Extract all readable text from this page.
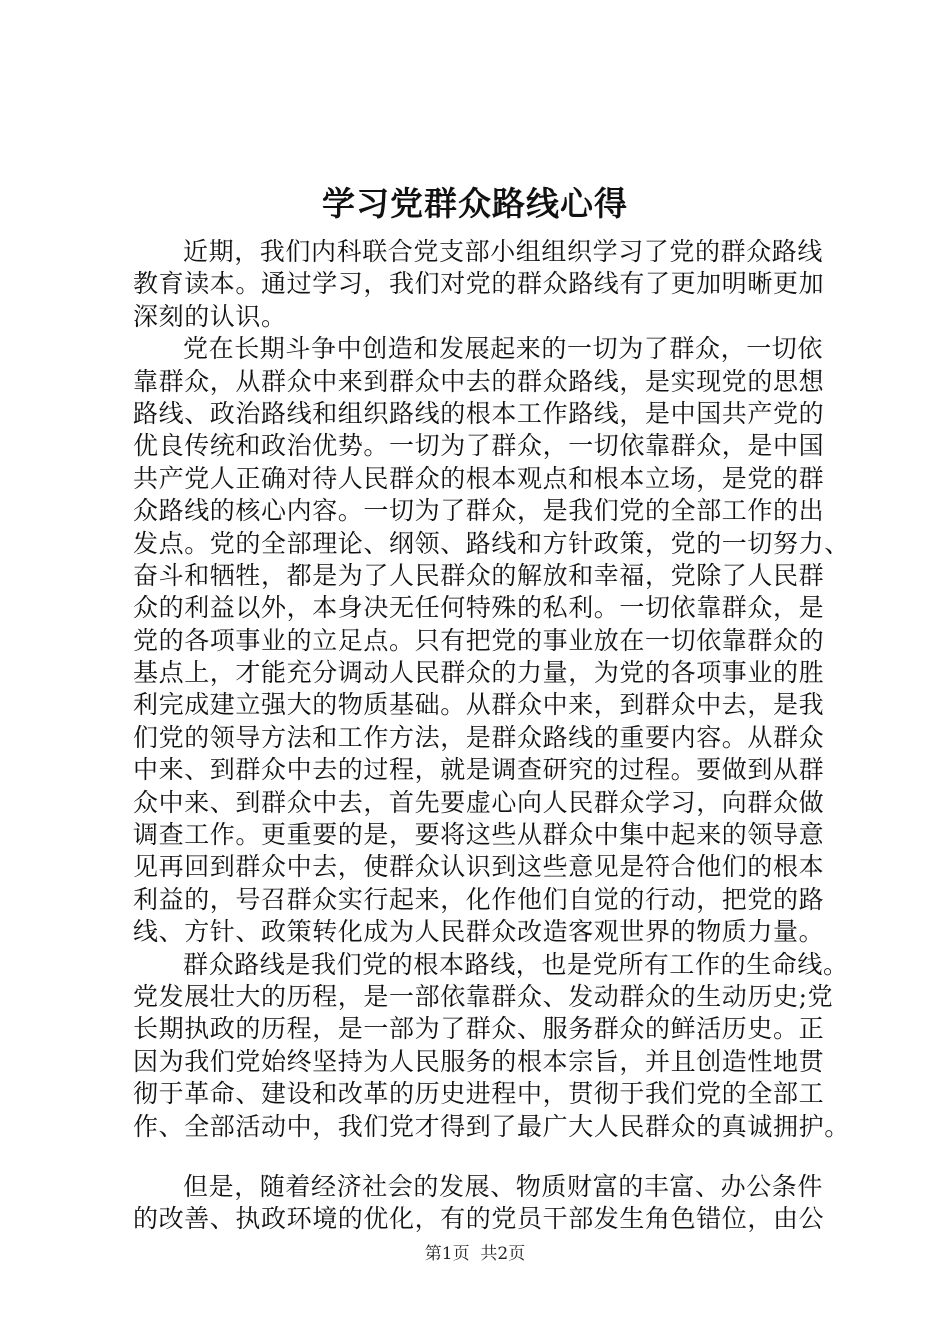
学习党群众路线心得
近期，我们内科联合党支部小组组织学习了党的群众路线
教育读本。通过学习，我们对党的群众路线有了更加明晰更加
深刻的认识。
党在长期斗争中创造和发展起来的一切为了群众，一切依
靠群众，从群众中来到群众中去的群众路线，是实现党的思想
路线、政治路线和组织路线的根本工作路线，是中国共产党的
优良传统和政治优势。一切为了群众，一切依靠群众，是中国
共产党人正确对待人民群众的根本观点和根本立场，是党的群
众路线的核心内容。一切为了群众，是我们党的全部工作的出
发点。党的全部理论、纲领、路线和方针政策，党的一切努力、
奋斗和牺牲，都是为了人民群众的解放和幸福，党除了人民群
众的利益以外，本身决无任何特殊的私利。一切依靠群众，是
党的各项事业的立足点。只有把党的事业放在一切依靠群众的
基点上，才能充分调动人民群众的力量，为党的各项事业的胜
利完成建立强大的物质基础。从群众中来，到群众中去，是我
们党的领导方法和工作方法，是群众路线的重要内容。从群众
中来、到群众中去的过程，就是调查研究的过程。要做到从群
众中来、到群众中去，首先要虚心向人民群众学习，向群众做
调查工作。更重要的是，要将这些从群众中集中起来的领导意
见再回到群众中去，使群众认识到这些意见是符合他们的根本
利益的，号召群众实行起来，化作他们自觉的行动，把党的路
线、方针、政策转化成为人民群众改造客观世界的物质力量。
群众路线是我们党的根本路线，也是党所有工作的生命线。
党发展壮大的历程，是一部依靠群众、发动群众的生动历史;党
长期执政的历程，是一部为了群众、服务群众的鲜活历史。正
因为我们党始终坚持为人民服务的根本宗旨，并且创造性地贯
彻于革命、建设和改革的历史进程中，贯彻于我们党的全部工
作、全部活动中，我们党才得到了最广大人民群众的真诚拥护。
但是，随着经济社会的发展、物质财富的丰富、办公条件
的改善、执政环境的优化，有的党员干部发生角色错位，由公
第1页  共2页
